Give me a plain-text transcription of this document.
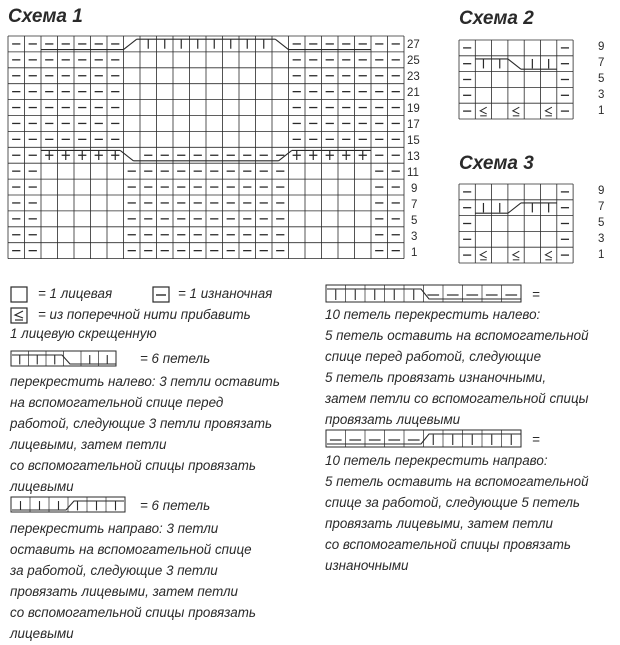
Схема 1	Схема 2
Схема 3
27
25
23
21
19
17
15
13
11
9
7
5
3
1
9
7
5
3
1
9
7
5
3
1
= 1 лицевая	= 1 изнаночная
= из поперечной нити прибавить
1 лицевую скрещенную
= 6 петель
перекрестить налево: 3 петли оставить
на вспомогательной спице перед
работой, следующие 3 петли провязать
лицевыми, затем петли
со вспомогательной спицы провязать
лицевыми
= 6 петель
перекрестить направо: 3 петли
оставить на вспомогательной спице
за работой, следующие 3 петли
провязать лицевыми, затем петли
со вспомогательной спицы провязать
лицевыми
=
10 петель перекрестить налево:
5 петель оставить на вспомогательной
спице перед работой, следующие
5 петель провязать изнаночными,
затем петли со вспомогательной спицы
провязать лицевыми
=
10 петель перекрестить направо:
5 петель оставить на вспомогательной
спице за работой, следующие 5 петель
провязать лицевыми, затем петли
со вспомогательной спицы провязать
изнаночными
